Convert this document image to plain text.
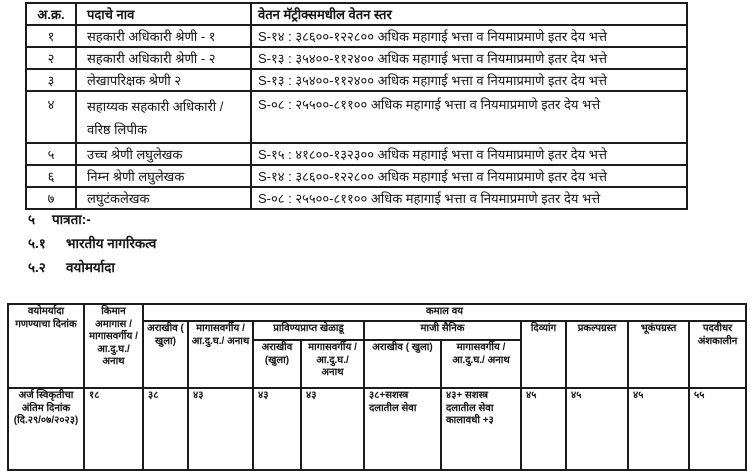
अ.क्र.	पदाचे नाव	वेतन मॅट्रीक्समधील वेतन स्तर
१	सहकारी अधिकारी श्रेणी - १	S-१४ : ३८६००-१२२८०० अधिक महागाई भत्ता व नियमाप्रमाणे इतर देय भत्ते
२	सहकारी अधिकारी श्रेणी - २	S-१३ : ३५४००-११२४०० अधिक महागाई भत्ता व नियमाप्रमाणे इतर देय भत्ते
३	लेखापरिक्षक श्रेणी २	S-१३ : ३५४००-११२४०० अधिक महागाई भत्ता व नियमाप्रमाणे इतर देय भत्ते
४	सहाय्यक सहकारी अधिकारी / वरिष्ठ लिपीक	S-०८ : २५५००-८११०० अधिक महागाई भत्ता व नियमाप्रमाणे इतर देय भत्ते
५	उच्च श्रेणी लघुलेखक	S-१५ : ४१८००-१३२३०० अधिक महागाई भत्ता व नियमाप्रमाणे इतर देय भत्ते
६	निम्न श्रेणी लघुलेखक	S-१४ : ३८६००-१२२८०० अधिक महागाई भत्ता व नियमाप्रमाणे इतर देय भत्ते
७	लघुटंकलेखक	S-०८ : २५५००-८११०० अधिक महागाई भत्ता व नियमाप्रमाणे इतर देय भत्ते
५	पात्रता:-
५.१	भारतीय नागरिकत्व
५.२	वयोमर्यादा
वयोमर्यादा गणण्याचा दिनांक	किमान अमागास / मागासवर्गीय /आ.दु.घ./ अनाथ	कमाल वय									
		अराखीव ( खुला)	मागासवर्गीय /आ.दु.घ./ अनाथ	प्राविण्यप्राप्त खेळाडू		माजी सैनिक		दिव्यांग	प्रकल्पग्रस्त	भूकंपग्रस्त	पदवीधर अंशकालीन
				अराखीव (खुला)	मागासवर्गीय /आ.दु.घ./ अनाथ	अराखीव ( खुला)	मागासवर्गीय /आ.दु.घ./ अनाथ				
अर्ज स्विकृतीचा अंतिम दिनांक (दि.२९/०७/२०२३)	१८	३८	४३	४३	४३	३८+सशस्त्र दलातील सेवा	४३+ सशस्त्र दलातील सेवा कालावधी +३	४५	४५	४५	५५
